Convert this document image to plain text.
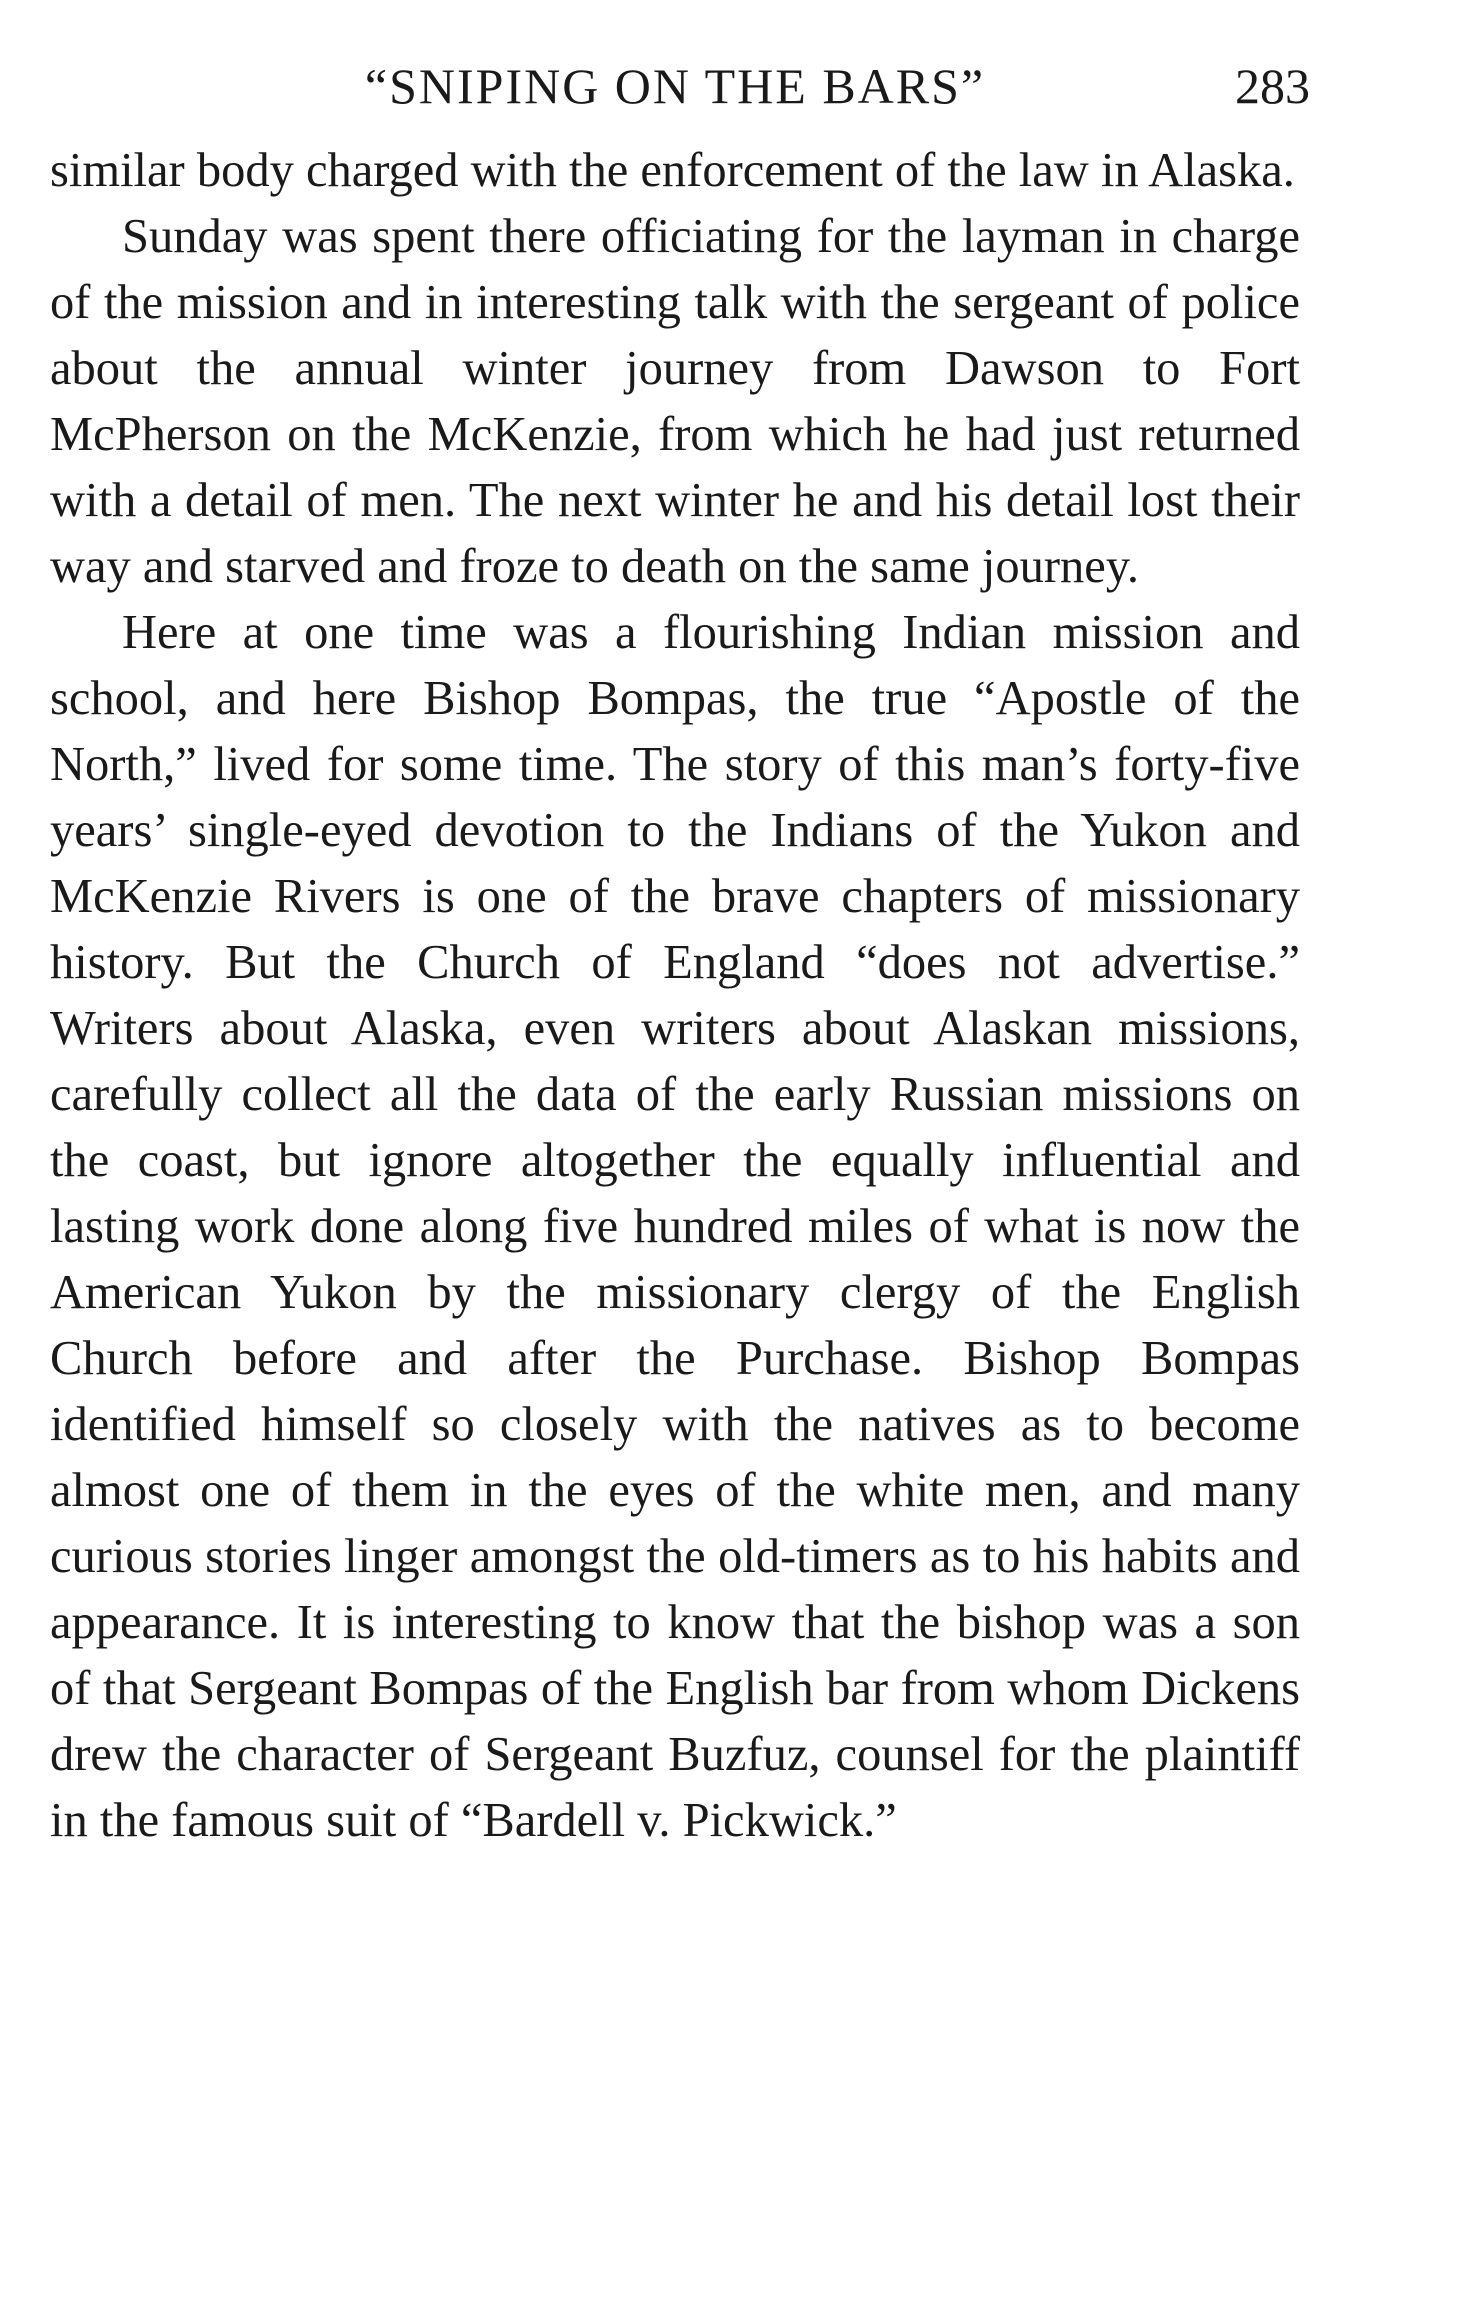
“SNIPING ON THE BARS”	283

similar body charged with the enforcement of the law in Alaska.

Sunday was spent there officiating for the layman in charge of the mission and in interesting talk with the sergeant of police about the annual winter journey from Dawson to Fort McPherson on the McKenzie, from which he had just returned with a detail of men. The next winter he and his detail lost their way and starved and froze to death on the same journey.

Here at one time was a flourishing Indian mission and school, and here Bishop Bompas, the true “Apostle of the North,” lived for some time. The story of this man’s forty-five years’ single-eyed devotion to the Indians of the Yukon and McKenzie Rivers is one of the brave chapters of missionary history. But the Church of England “does not advertise.” Writers about Alaska, even writers about Alaskan missions, carefully collect all the data of the early Russian missions on the coast, but ignore altogether the equally influential and lasting work done along five hundred miles of what is now the American Yukon by the missionary clergy of the English Church before and after the Purchase. Bishop Bompas identified himself so closely with the natives as to become almost one of them in the eyes of the white men, and many curious stories linger amongst the old-timers as to his habits and appearance. It is interesting to know that the bishop was a son of that Sergeant Bompas of the English bar from whom Dickens drew the character of Sergeant Buzfuz, counsel for the plaintiff in the famous suit of “Bardell v. Pickwick.”
